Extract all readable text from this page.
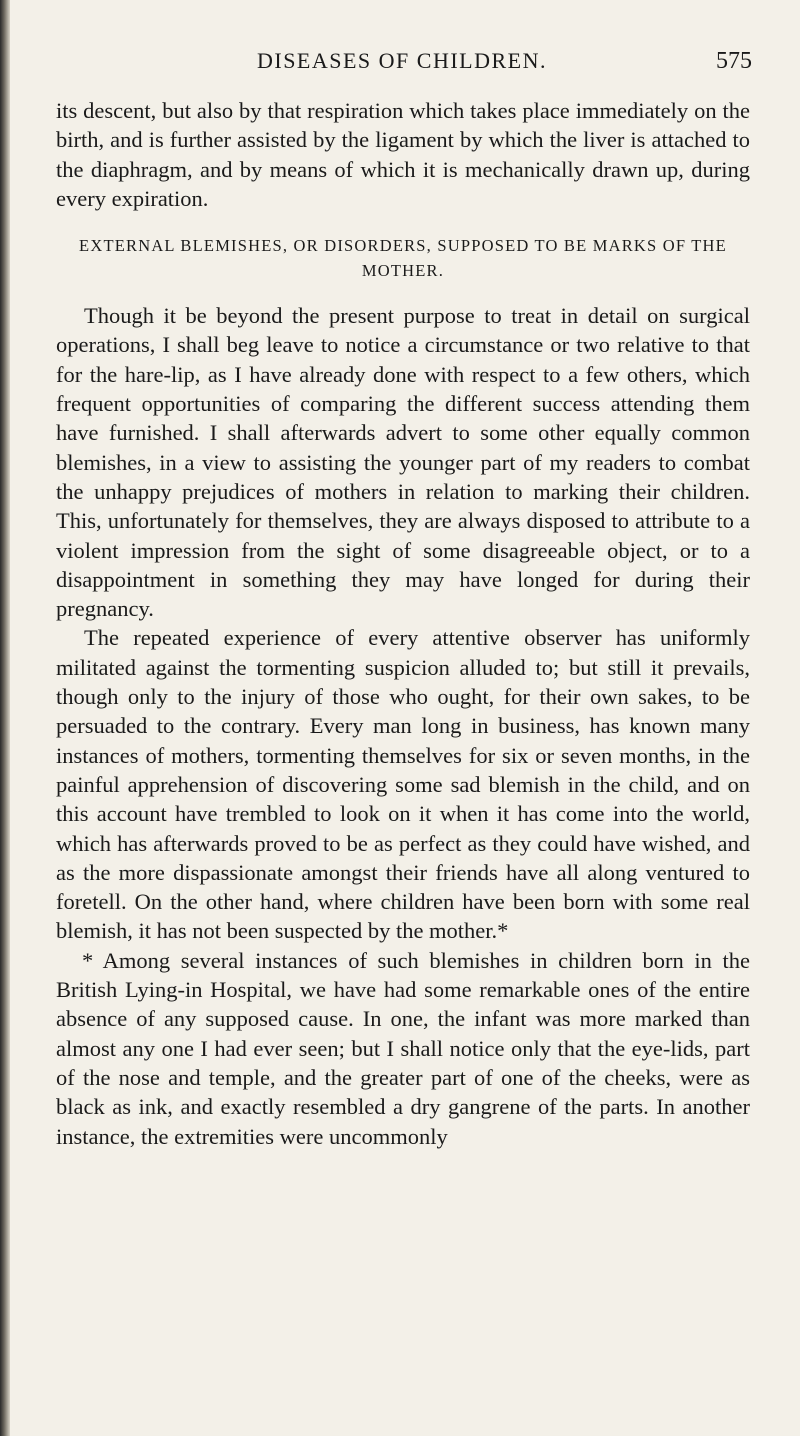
DISEASES OF CHILDREN.	575

its descent, but also by that respiration which takes place immediately on the birth, and is further assisted by the ligament by which the liver is attached to the diaphragm, and by means of which it is mechanically drawn up, during every expiration.

EXTERNAL BLEMISHES, OR DISORDERS, SUPPOSED TO BE MARKS OF THE MOTHER.

Though it be beyond the present purpose to treat in detail on surgical operations, I shall beg leave to notice a circumstance or two relative to that for the hare-lip, as I have already done with respect to a few others, which frequent opportunities of comparing the different success attending them have furnished. I shall afterwards advert to some other equally common blemishes, in a view to assisting the younger part of my readers to combat the unhappy prejudices of mothers in relation to marking their children. This, unfortunately for themselves, they are always disposed to attribute to a violent impression from the sight of some disagreeable object, or to a disappointment in something they may have longed for during their pregnancy.

The repeated experience of every attentive observer has uniformly militated against the tormenting suspicion alluded to; but still it prevails, though only to the injury of those who ought, for their own sakes, to be persuaded to the contrary. Every man long in business, has known many instances of mothers, tormenting themselves for six or seven months, in the painful apprehension of discovering some sad blemish in the child, and on this account have trembled to look on it when it has come into the world, which has afterwards proved to be as perfect as they could have wished, and as the more dispassionate amongst their friends have all along ventured to foretell. On the other hand, where children have been born with some real blemish, it has not been suspected by the mother.*

* Among several instances of such blemishes in children born in the British Lying-in Hospital, we have had some remarkable ones of the entire absence of any supposed cause. In one, the infant was more marked than almost any one I had ever seen; but I shall notice only that the eye-lids, part of the nose and temple, and the greater part of one of the cheeks, were as black as ink, and exactly resembled a dry gangrene of the parts. In another instance, the extremities were uncommonly
